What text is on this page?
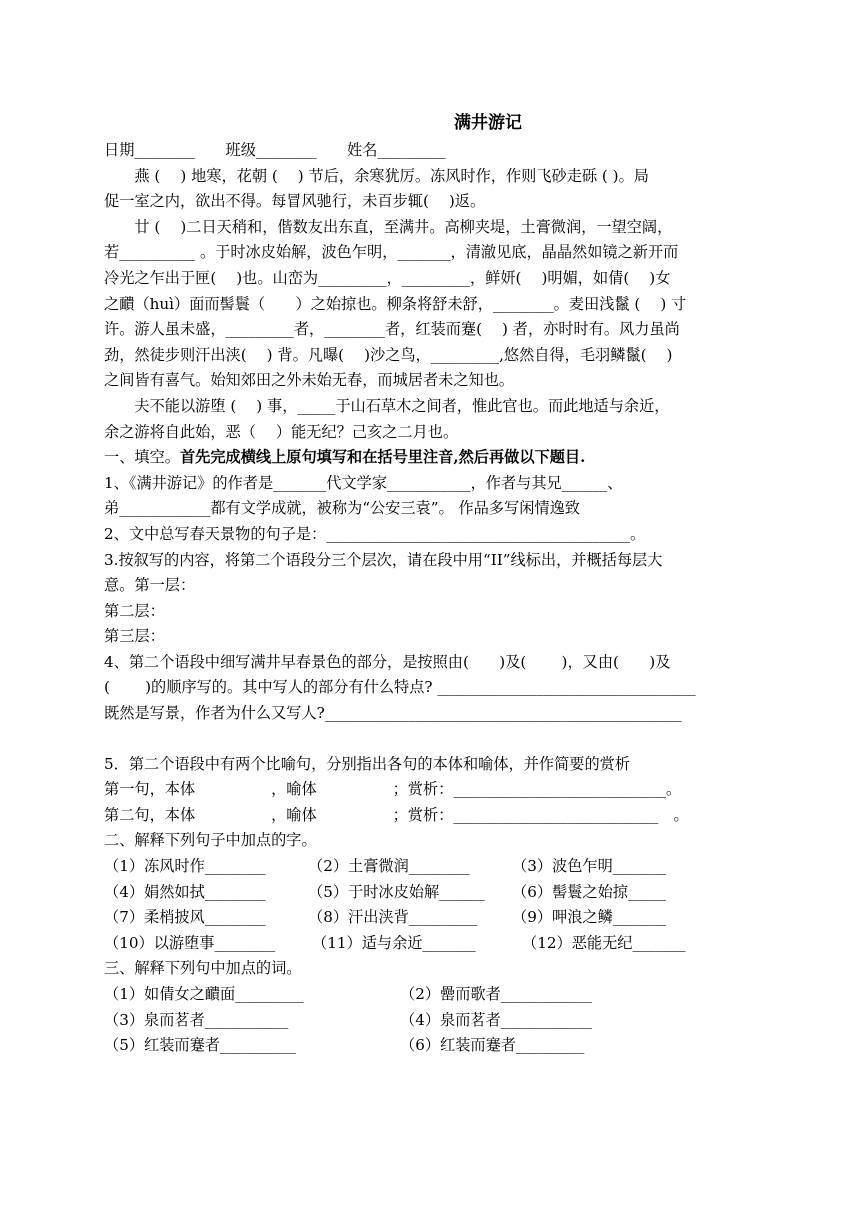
满井游记
日期________　　班级________　　姓名_________
　　燕 (　 ) 地寒，花朝 (　 ) 节后，余寒犹厉。冻风时作，作则飞砂走砾 ( )。局
促一室之内，欲出不得。每冒风驰行，未百步辄(　 )返。
　　廿 (　 )二日天稍和，偕数友出东直，至满井。高柳夹堤，土膏微润，一望空阔，
若__________ 。于时冰皮始解，波色乍明，_______，清澈见底，晶晶然如镜之新开而
冷光之乍出于匣(　 )也。山峦为_________，_________，鲜妍(　 )明媚，如倩(　 )女
之靧（huì）面而髻鬟（　　）之始掠也。柳条将舒未舒，________。麦田浅鬣 (　 ) 寸
许。游人虽未盛，_________者，________者，红装而蹇(　 ) 者，亦时时有。风力虽尚
劲，然徒步则汗出浃(　 ) 背。凡曝(　 )沙之鸟，_________,悠然自得，毛羽鳞鬣(　 )
之间皆有喜气。始知郊田之外未始无春，而城居者未之知也。
　　夫不能以游堕 (　 ) 事，_____于山石草木之间者，惟此官也。而此地适与余近，
余之游将自此始，恶（　 ）能无纪？己亥之二月也。
一、填空。首先完成横线上原句填写和在括号里注音,然后再做以下题目.
1、《满井游记》的作者是_______代文学家___________，作者与其兄______、
弟____________都有文学成就，被称为“公安三袁”。 作品多写闲情逸致
2、文中总写春天景物的句子是：________________________________________。
3.按叙写的内容，将第二个语段分三个层次，请在段中用“II”线标出，并概括每层大
意。第一层：
第二层：
第三层：
4、第二个语段中细写满井早春景色的部分，是按照由(　　)及(　　 )，又由(　　)及
(　　 )的顺序写的。其中写人的部分有什么特点? __________________________________
既然是写景，作者为什么又写人?_______________________________________________
5．第二个语段中有两个比喻句，分别指出各句的本体和喻体，并作简要的赏析
第一句，本体　　　　　，喻体　　　　　；赏析：____________________________。
第二句，本体　　　　　，喻体　　　　　；赏析：___________________________　。
二、解释下列句子中加点的字。
（1）冻风时作________	（2）土膏微润________	（3）波色乍明_______
（4）娟然如拭________	（5）于时冰皮始解______ （6）髻鬟之始掠_____
（7）柔梢披风________	（8）汗出浃背_________ （9）呷浪之鳞_______
（10）以游堕事________ （11）适与余近_______	（12）恶能无纪_______
三、解释下列句中加点的词。
（1）如倩女之靧面_________	（2）罍而歌者____________
（3）泉而茗者___________	（4）泉而茗者____________
（5）红装而蹇者__________	（6）红装而蹇者_________
